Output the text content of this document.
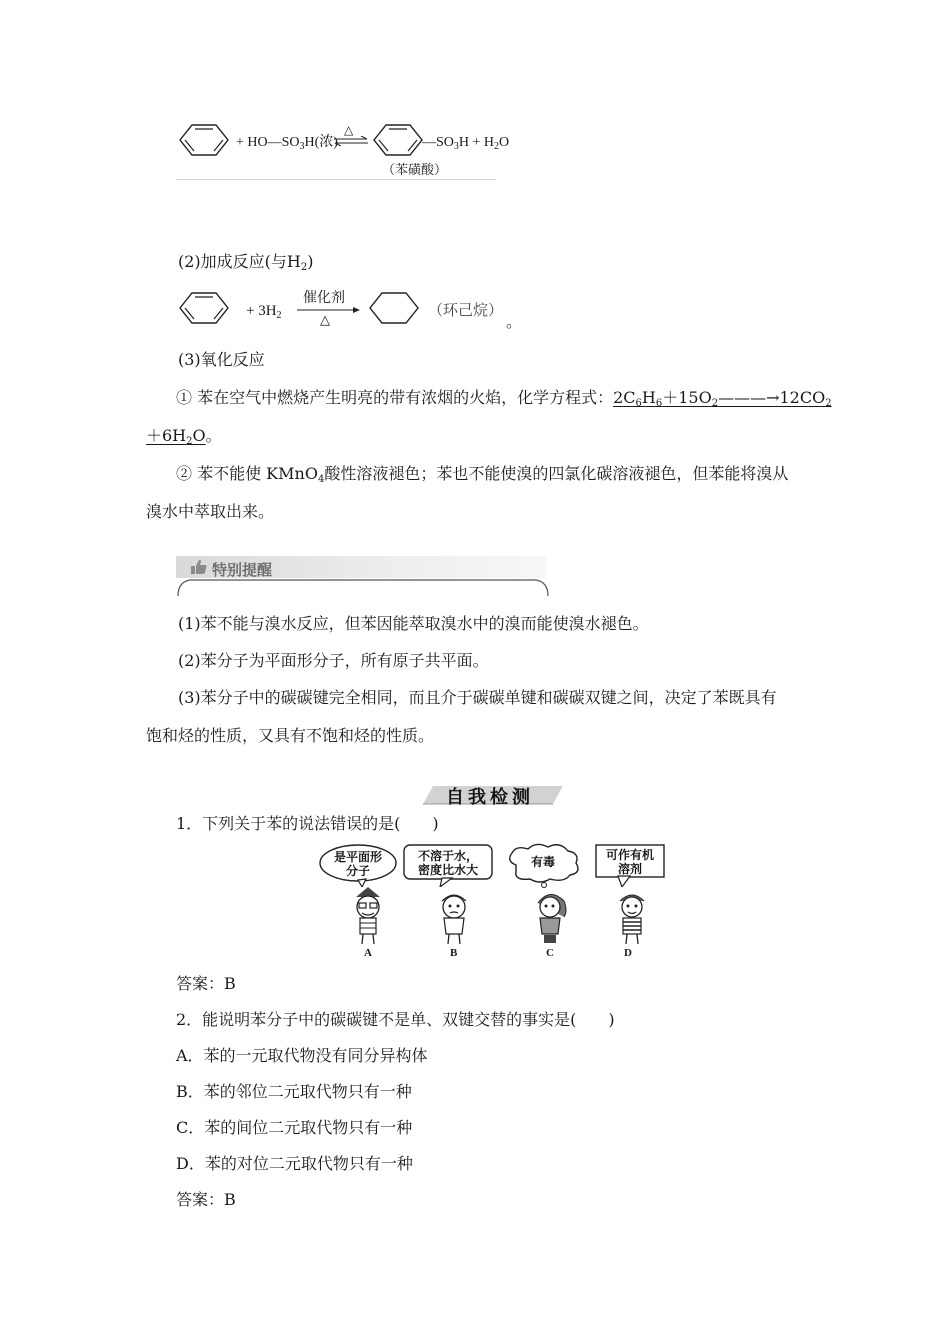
+ $HO—SO_3H$(浓)
△
$—SO_3H + H_2O$
（苯磺酸）
(2)加成反应(与$H_2$)
+ $3H_2$
催化剂
△
（环己烷）
。
(3)氧化反应
① 苯在空气中燃烧产生明亮的带有浓烟的火焰，化学方程式：$2C_6H_6+15O_2———\to 12CO_2$
$+6H_2O$。
② 苯不能使 KMnO$_4$酸性溶液褪色；苯也不能使溴的四氯化碳溶液褪色，但苯能将溴从
溴水中萃取出来。
特别提醒
(1)苯不能与溴水反应，但苯因能萃取溴水中的溴而能使溴水褪色。
(2)苯分子为平面形分子，所有原子共平面。
(3)苯分子中的碳碳键完全相同，而且介于碳碳单键和碳碳双键之间，决定了苯既具有
饱和烃的性质，又具有不饱和烃的性质。
自我检测
1．下列关于苯的说法错误的是(　　)
是平面形
分子
A
不溶于水，
密度比水大
B
有毒
C
可作有机
溶剂
D
答案：B
2．能说明苯分子中的碳碳键不是单、双键交替的事实是(　　)
A．苯的一元取代物没有同分异构体
B．苯的邻位二元取代物只有一种
C．苯的间位二元取代物只有一种
D．苯的对位二元取代物只有一种
答案：B
